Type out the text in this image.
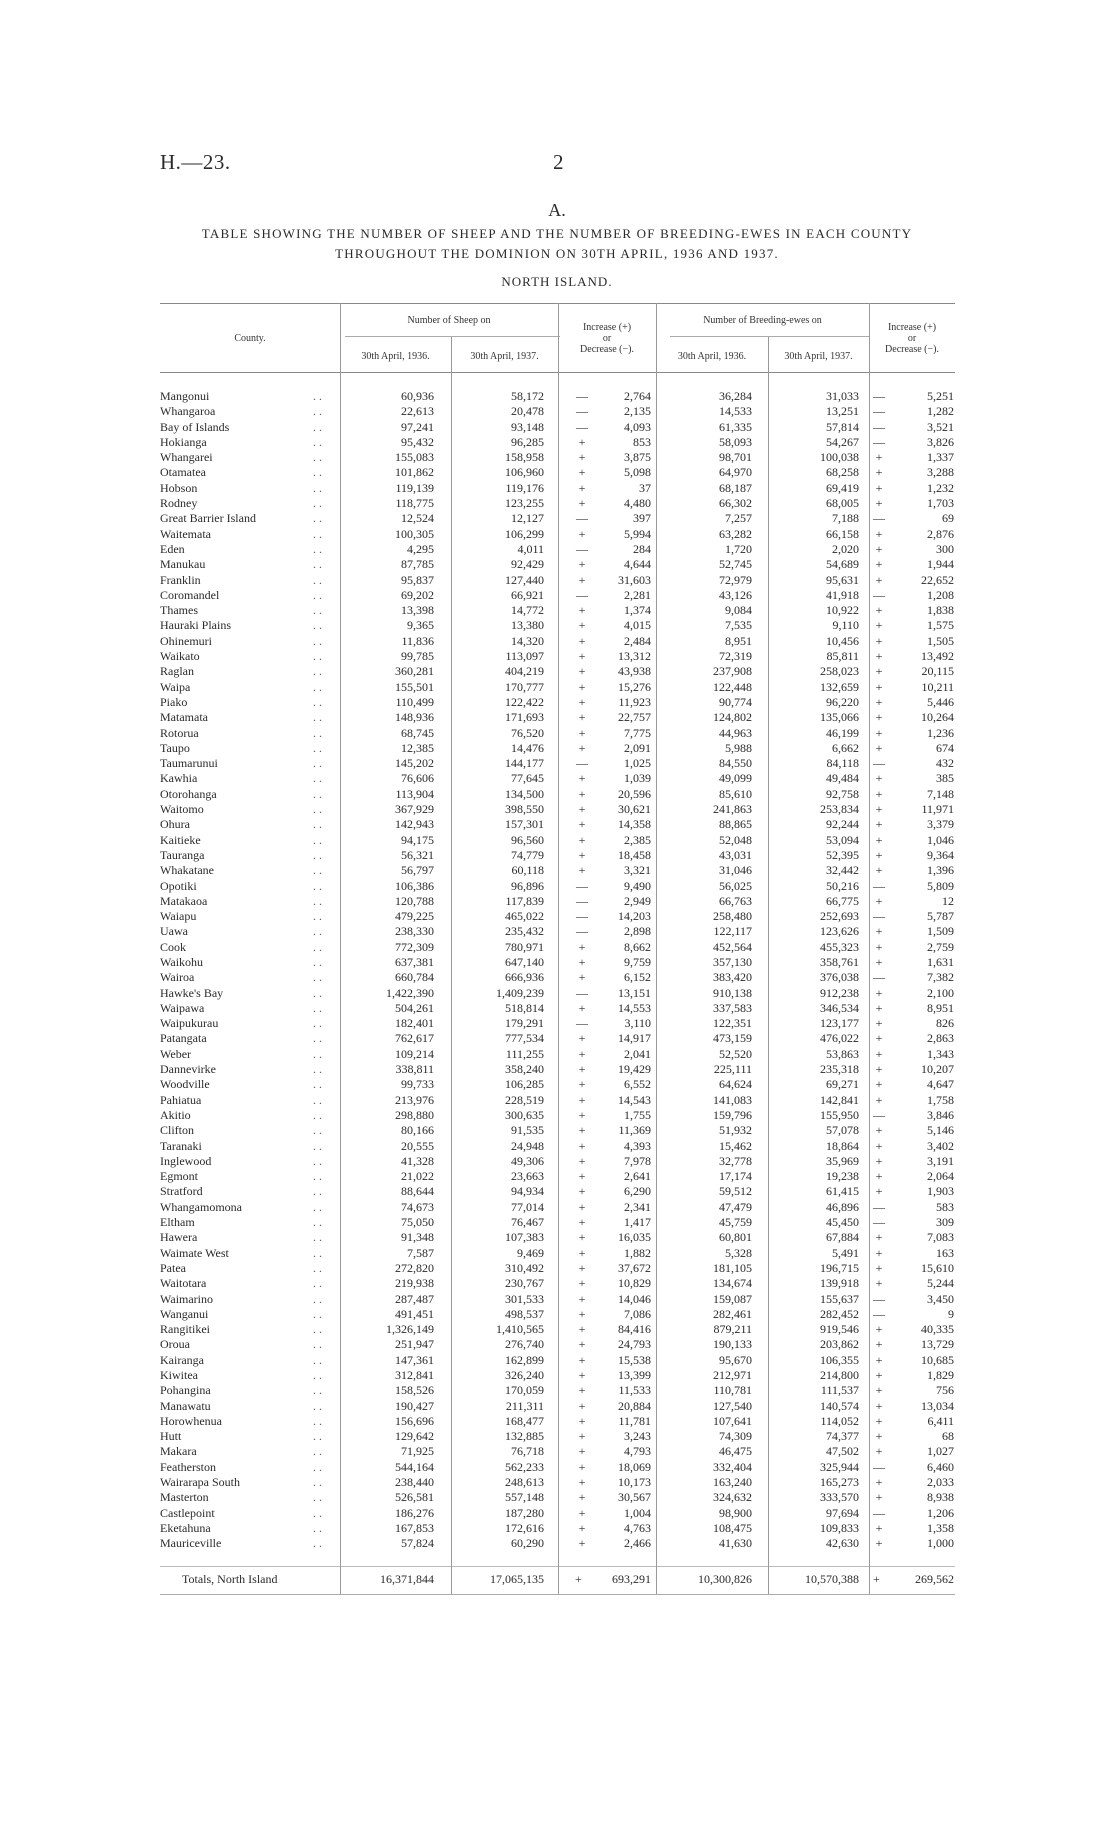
H.—23.	2
A.
TABLE SHOWING THE NUMBER OF SHEEP AND THE NUMBER OF BREEDING-EWES IN EACH COUNTY
THROUGHOUT THE DOMINION ON 30TH APRIL, 1936 AND 1937.
NORTH ISLAND.
County.
Number of Sheep on
30th April, 1936.	30th April, 1937.
Increase (+)
or
Decrease (−).
Number of Breeding-ewes on
30th April, 1936.	30th April, 1937.
Increase (+)
or
Decrease (−).
Mangonui	60,936	58,172	—	2,764	36,284	31,033 —	5,251
. .
Whangaroa	22,613	20,478	—	2,135	14,533	13,251 —	1,282
. .
Bay of Islands	97,241	93,148	—	4,093	61,335	57,814 —	3,521
. .
Hokianga	95,432	96,285	+	853	58,093	54,267 —	3,826
. .
Whangarei	155,083	158,958	+	3,875	98,701	100,038	+	1,337
. .
Otamatea	101,862	106,960	+	5,098	64,970	68,258	+	3,288
. .
Hobson	119,139	119,176	+	37	68,187	69,419	+	1,232
. .
Rodney	118,775	123,255	+	4,480	66,302	68,005	+	1,703
. .
Great Barrier Island	12,524	12,127	—	397	7,257	7,188 —	69
. .
Waitemata	100,305	106,299	+	5,994	63,282	66,158	+	2,876
. .
Eden	4,295	4,011	—	284	1,720	2,020	+	300
. .
Manukau	87,785	92,429	+	4,644	52,745	54,689	+	1,944
. .
Franklin	95,837	127,440	+	31,603	72,979	95,631	+	22,652
. .
Coromandel	69,202	66,921	—	2,281	43,126	41,918 —	1,208
. .
Thames	13,398	14,772	+	1,374	9,084	10,922	+	1,838
. .
Hauraki Plains	9,365	13,380	+	4,015	7,535	9,110	+	1,575
. .
Ohinemuri	11,836	14,320	+	2,484	8,951	10,456	+	1,505
. .
Waikato	99,785	113,097	+	13,312	72,319	85,811	+	13,492
. .
Raglan	360,281	404,219	+	43,938	237,908	258,023	+	20,115
. .
Waipa	155,501	170,777	+	15,276	122,448	132,659	+	10,211
. .
Piako	110,499	122,422	+	11,923	90,774	96,220	+	5,446
. .
Matamata	148,936	171,693	+	22,757	124,802	135,066	+	10,264
. .
Rotorua	68,745	76,520	+	7,775	44,963	46,199	+	1,236
. .
Taupo	12,385	14,476	+	2,091	5,988	6,662	+	674
. .
Taumarunui	145,202	144,177	—	1,025	84,550	84,118 —	432
. .
Kawhia	76,606	77,645	+	1,039	49,099	49,484	+	385
. .
Otorohanga	113,904	134,500	+	20,596	85,610	92,758	+	7,148
. .
Waitomo	367,929	398,550	+	30,621	241,863	253,834	+	11,971
. .
Ohura	142,943	157,301	+	14,358	88,865	92,244	+	3,379
. .
Kaitieke	94,175	96,560	+	2,385	52,048	53,094	+	1,046
. .
Tauranga	56,321	74,779	+	18,458	43,031	52,395	+	9,364
. .
Whakatane	56,797	60,118	+	3,321	31,046	32,442	+	1,396
. .
Opotiki	106,386	96,896	—	9,490	56,025	50,216 —	5,809
. .
Matakaoa	120,788	117,839	—	2,949	66,763	66,775	+	12
. .
Waiapu	479,225	465,022	—	14,203	258,480	252,693 —	5,787
. .
Uawa	238,330	235,432	—	2,898	122,117	123,626	+	1,509
. .
Cook	772,309	780,971	+	8,662	452,564	455,323	+	2,759
. .
Waikohu	637,381	647,140	+	9,759	357,130	358,761	+	1,631
. .
Wairoa	660,784	666,936	+	6,152	383,420	376,038 —	7,382
. .
Hawke's Bay	1,422,390	1,409,239	—	13,151	910,138	912,238	+	2,100
. .
Waipawa	504,261	518,814	+	14,553	337,583	346,534	+	8,951
. .
Waipukurau	182,401	179,291	—	3,110	122,351	123,177	+	826
. .
Patangata	762,617	777,534	+	14,917	473,159	476,022	+	2,863
. .
Weber	109,214	111,255	+	2,041	52,520	53,863	+	1,343
. .
Dannevirke	338,811	358,240	+	19,429	225,111	235,318	+	10,207
. .
Woodville	99,733	106,285	+	6,552	64,624	69,271	+	4,647
. .
Pahiatua	213,976	228,519	+	14,543	141,083	142,841	+	1,758
. .
Akitio	298,880	300,635	+	1,755	159,796	155,950 —	3,846
. .
Clifton	80,166	91,535	+	11,369	51,932	57,078	+	5,146
. .
Taranaki	20,555	24,948	+	4,393	15,462	18,864	+	3,402
. .
Inglewood	41,328	49,306	+	7,978	32,778	35,969	+	3,191
. .
Egmont	21,022	23,663	+	2,641	17,174	19,238	+	2,064
. .
Stratford	88,644	94,934	+	6,290	59,512	61,415	+	1,903
. .
Whangamomona	74,673	77,014	+	2,341	47,479	46,896 —	583
. .
Eltham	75,050	76,467	+	1,417	45,759	45,450 —	309
. .
Hawera	91,348	107,383	+	16,035	60,801	67,884	+	7,083
. .
Waimate West	7,587	9,469	+	1,882	5,328	5,491	+	163
. .
Patea	272,820	310,492	+	37,672	181,105	196,715	+	15,610
. .
Waitotara	219,938	230,767	+	10,829	134,674	139,918	+	5,244
. .
Waimarino	287,487	301,533	+	14,046	159,087	155,637 —	3,450
. .
Wanganui	491,451	498,537	+	7,086	282,461	282,452 —	9
. .
Rangitikei	1,326,149	1,410,565	+	84,416	879,211	919,546	+	40,335
. .
Oroua	251,947	276,740	+	24,793	190,133	203,862	+	13,729
. .
Kairanga	147,361	162,899	+	15,538	95,670	106,355	+	10,685
. .
Kiwitea	312,841	326,240	+	13,399	212,971	214,800	+	1,829
. .
Pohangina	158,526	170,059	+	11,533	110,781	111,537	+	756
. .
Manawatu	190,427	211,311	+	20,884	127,540	140,574	+	13,034
. .
Horowhenua	156,696	168,477	+	11,781	107,641	114,052	+	6,411
. .
Hutt	129,642	132,885	+	3,243	74,309	74,377	+	68
. .
Makara	71,925	76,718	+	4,793	46,475	47,502	+	1,027
. .
Featherston	544,164	562,233	+	18,069	332,404	325,944 —	6,460
. .
Wairarapa South	238,440	248,613	+	10,173	163,240	165,273	+	2,033
. .
Masterton	526,581	557,148	+	30,567	324,632	333,570	+	8,938
. .
Castlepoint	186,276	187,280	+	1,004	98,900	97,694 —	1,206
. .
Eketahuna	167,853	172,616	+	4,763	108,475	109,833	+	1,358
. .
Mauriceville	57,824	60,290	+	2,466	41,630	42,630	+	1,000
. .
Totals, North Island	16,371,844	17,065,135	+	693,291	10,300,826	10,570,388 +	269,562
